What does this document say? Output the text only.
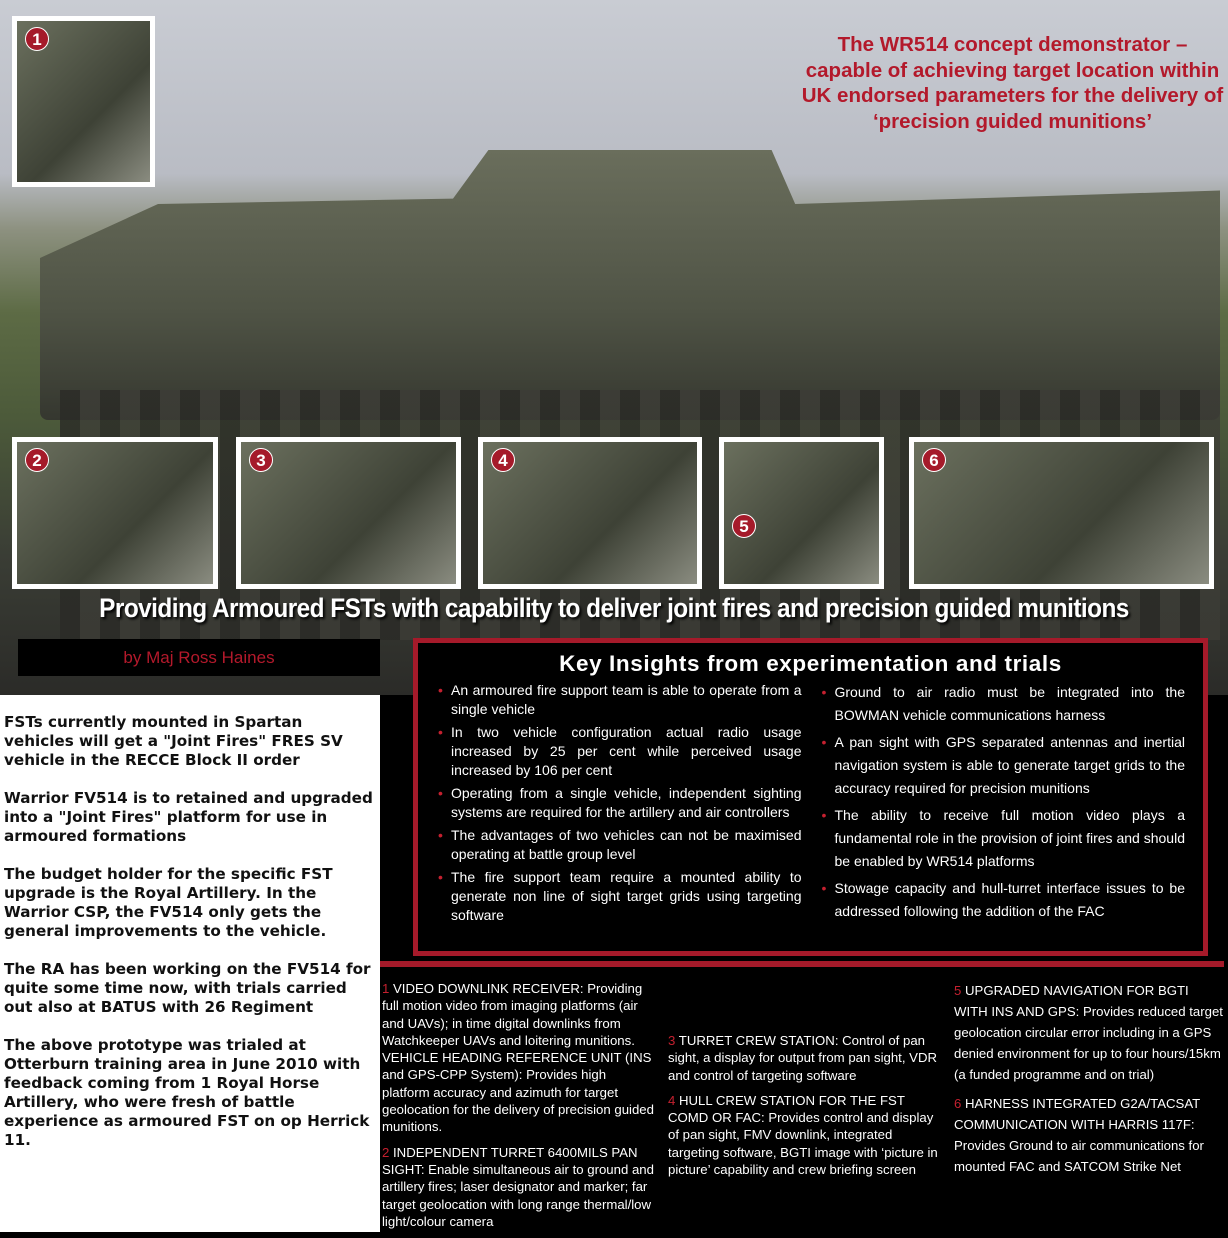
1
2	3	4
5
6
The WR514 concept demonstrator – capable of achieving target location within UK endorsed parameters for the delivery of ‘precision guided munitions’
Providing Armoured FSTs with capability to deliver joint fires and precision guided munitions
by Maj Ross Haines

FSTs currently mounted in Spartan vehicles will get a "Joint Fires" FRES SV vehicle in the RECCE Block II order

Warrior FV514 is to retained and upgraded into a "Joint Fires" platform for use in armoured formations

The budget holder for the specific FST upgrade is the Royal Artillery. In the Warrior CSP, the FV514 only gets the general improvements to the vehicle.

The RA has been working on the FV514 for quite some time now, with trials carried out also at BATUS with 26 Regiment

The above prototype was trialed at Otterburn training area in June 2010 with feedback coming from 1 Royal Horse Artillery, who were fresh of battle experience as armoured FST on op Herrick 11.

Key Insights from experimentation and trials
• An armoured fire support team is able to operate from a single vehicle
• In two vehicle configuration actual radio usage increased by 25 per cent while perceived usage increased by 106 per cent
• Operating from a single vehicle, independent sighting systems are required for the artillery and air controllers
• The advantages of two vehicles can not be maximised operating at battle group level
• The fire support team require a mounted ability to generate non line of sight target grids using targeting software
• Ground to air radio must be integrated into the BOWMAN vehicle communications harness
• A pan sight with GPS separated antennas and inertial navigation system is able to generate target grids to the accuracy required for precision munitions
• The ability to receive full motion video plays a fundamental role in the provision of joint fires and should be enabled by WR514 platforms
• Stowage capacity and hull-turret interface issues to be addressed following the addition of the FAC

1 VIDEO DOWNLINK RECEIVER: Providing full motion video from imaging platforms (air and UAVs); in time digital downlinks from Watchkeeper UAVs and loitering munitions.
VEHICLE HEADING REFERENCE UNIT (INS and GPS-CPP System): Provides high platform accuracy and azimuth for target geolocation for the delivery of precision guided munitions.

2 INDEPENDENT TURRET 6400MILS PAN SIGHT: Enable simultaneous air to ground and artillery fires; laser designator and marker; far target geolocation with long range thermal/low light/colour camera

3 TURRET CREW STATION: Control of pan sight, a display for output from pan sight, VDR and control of targeting software

4 HULL CREW STATION FOR THE FST COMD OR FAC: Provides control and display of pan sight, FMV downlink, integrated targeting software, BGTI image with ‘picture in picture’ capability and crew briefing screen

5 UPGRADED NAVIGATION FOR BGTI WITH INS AND GPS: Provides reduced target geolocation circular error including in a GPS denied environment for up to four hours/15km (a funded programme and on trial)

6 HARNESS INTEGRATED G2A/TACSAT COMMUNICATION WITH HARRIS 117F: Provides Ground to air communications for mounted FAC and SATCOM Strike Net
